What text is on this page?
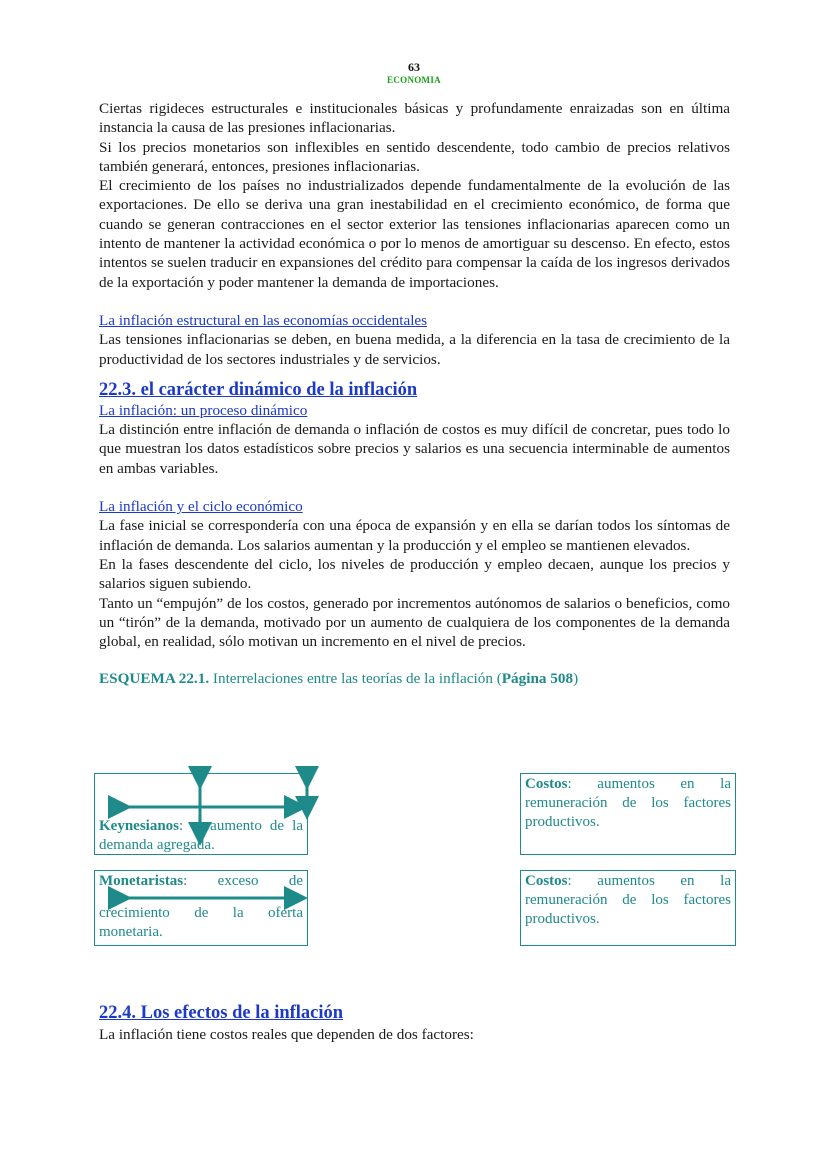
63
ECONOMIA

Ciertas rigideces estructurales e institucionales básicas y profundamente enraizadas son en última instancia la causa de las presiones inflacionarias.

Si los precios monetarios son inflexibles en sentido descendente, todo cambio de precios relativos también generará, entonces, presiones inflacionarias.

El crecimiento de los países no industrializados depende fundamentalmente de la evolución de las exportaciones. De ello se deriva una gran inestabilidad en el crecimiento económico, de forma que cuando se generan contracciones en el sector exterior las tensiones inflacionarias aparecen como un intento de mantener la actividad económica o por lo menos de amortiguar su descenso. En efecto, estos intentos se suelen traducir en expansiones del crédito para compensar la caída de los ingresos derivados de la exportación y poder mantener la demanda de importaciones.

La inflación estructural en las economías occidentales

Las tensiones inflacionarias se deben, en buena medida, a la diferencia en la tasa de crecimiento de la productividad de los sectores industriales y de servicios.

22.3. el carácter dinámico de la inflación
La inflación: un proceso dinámico

La distinción entre inflación de demanda o inflación de costos es muy difícil de concretar, pues todo lo que muestran los datos estadísticos sobre precios y salarios es una secuencia interminable de aumentos en ambas variables.

La inflación y el ciclo económico

La fase inicial se correspondería con una época de expansión y en ella se darían todos los síntomas de inflación de demanda. Los salarios aumentan y la producción y el empleo se mantienen elevados.

En la fases descendente del ciclo, los niveles de producción y empleo decaen, aunque los precios y salarios siguen subiendo.

Tanto un “empujón” de los costos, generado por incrementos autónomos de salarios o beneficios, como un “tirón” de la demanda, motivado por un aumento de cualquiera de los componentes de la demanda global, en realidad, sólo motivan un incremento en el nivel de precios.

ESQUEMA 22.1. Interrelaciones entre las teorías de la inflación (Página 508)
Keynesianos: el aumento de la demanda agregada.
Monetaristas: exceso de
crecimiento de la oferta monetaria.
Costos: aumentos en la remuneración de los factores productivos.
Costos: aumentos en la remuneración de los factores productivos.
22.4. Los efectos de la inflación
La inflación tiene costos reales que dependen de dos factores:
